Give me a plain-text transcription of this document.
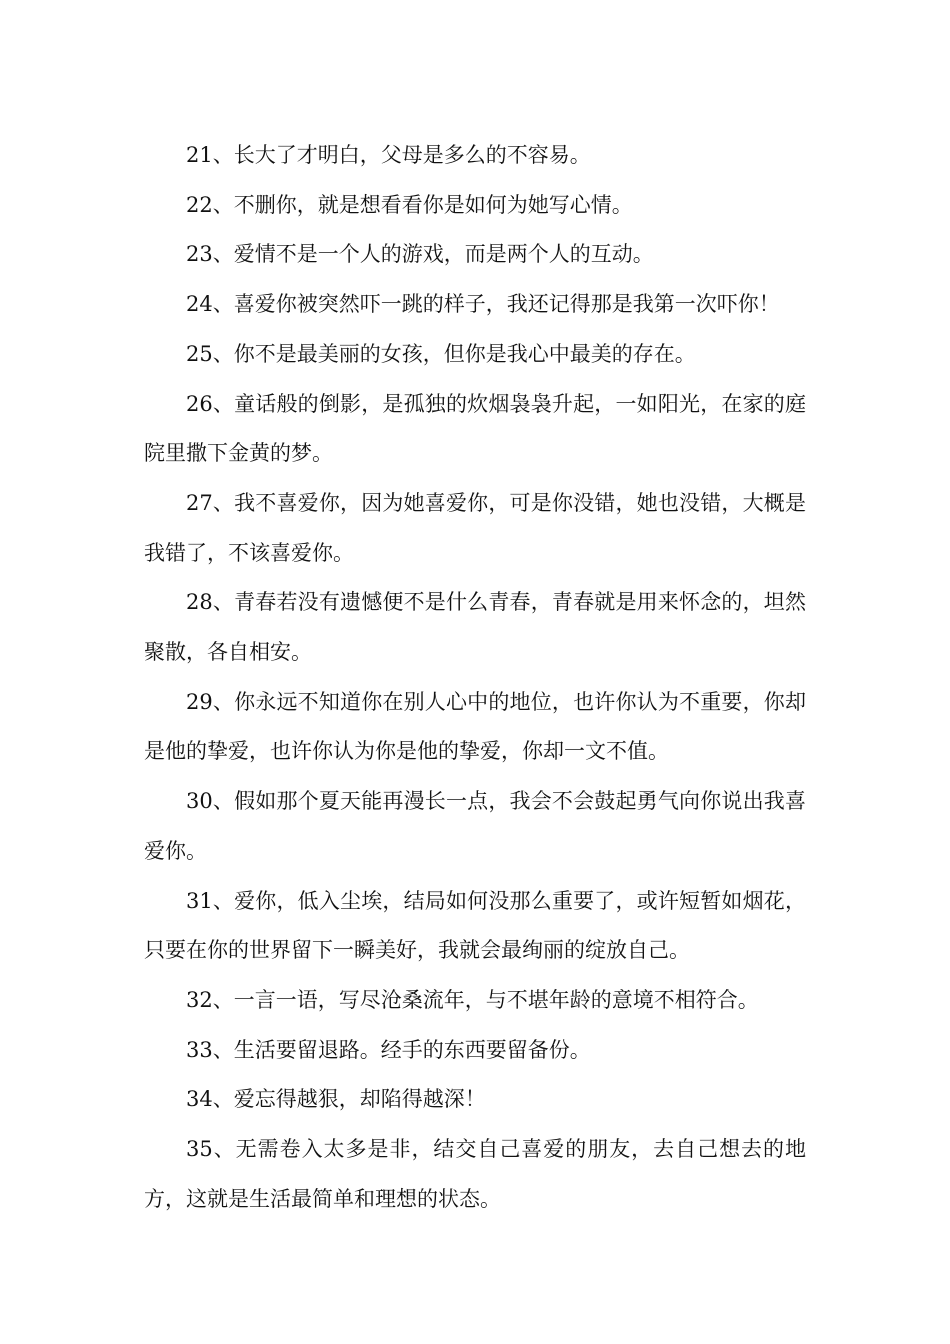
21、长大了才明白，父母是多么的不容易。

22、不删你，就是想看看你是如何为她写心情。

23、爱情不是一个人的游戏，而是两个人的互动。

24、喜爱你被突然吓一跳的样子，我还记得那是我第一次吓你！

25、你不是最美丽的女孩，但你是我心中最美的存在。

26、童话般的倒影，是孤独的炊烟袅袅升起，一如阳光，在家的庭院里撒下金黄的梦。

27、我不喜爱你，因为她喜爱你，可是你没错，她也没错，大概是我错了，不该喜爱你。

28、青春若没有遗憾便不是什么青春，青春就是用来怀念的，坦然聚散，各自相安。

29、你永远不知道你在别人心中的地位，也许你认为不重要，你却是他的挚爱，也许你认为你是他的挚爱，你却一文不值。

30、假如那个夏天能再漫长一点，我会不会鼓起勇气向你说出我喜爱你。

31、爱你，低入尘埃，结局如何没那么重要了，或许短暂如烟花，只要在你的世界留下一瞬美好，我就会最绚丽的绽放自己。

32、一言一语，写尽沧桑流年，与不堪年龄的意境不相符合。

33、生活要留退路。经手的东西要留备份。

34、爱忘得越狠，却陷得越深！

35、无需卷入太多是非，结交自己喜爱的朋友，去自己想去的地方，这就是生活最简单和理想的状态。
